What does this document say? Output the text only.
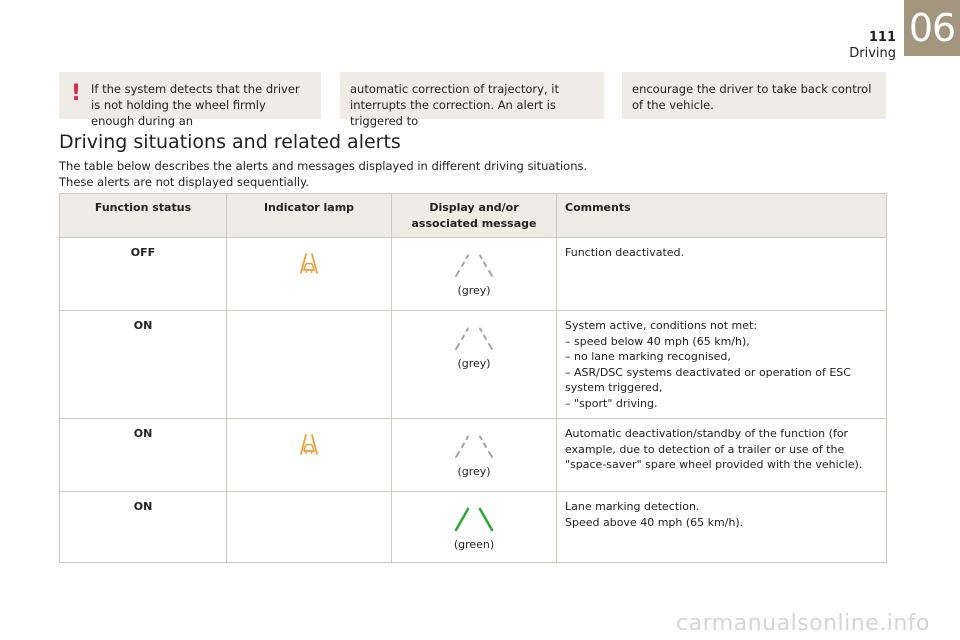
111
Driving
06
! If the system detects that the driver is not holding the wheel firmly enough during an
automatic correction of trajectory, it interrupts the correction. An alert is triggered to
encourage the driver to take back control of the vehicle.
Driving situations and related alerts
The table below describes the alerts and messages displayed in different driving situations.
These alerts are not displayed sequentially.
Function status	Indicator lamp	Display and/or associated message	Comments
OFF		(grey)	Function deactivated.

ON		(grey)	System active, conditions not met:
– speed below 40 mph (65 km/h),
– no lane marking recognised,
– ASR/DSC systems deactivated or operation of ESC system triggered,
– "sport" driving.

ON		(grey)	Automatic deactivation/standby of the function (for example, due to detection of a trailer or use of the "space-saver" spare wheel provided with the vehicle).

ON		(green)	Lane marking detection.
Speed above 40 mph (65 km/h).
carmanualsonline.info
